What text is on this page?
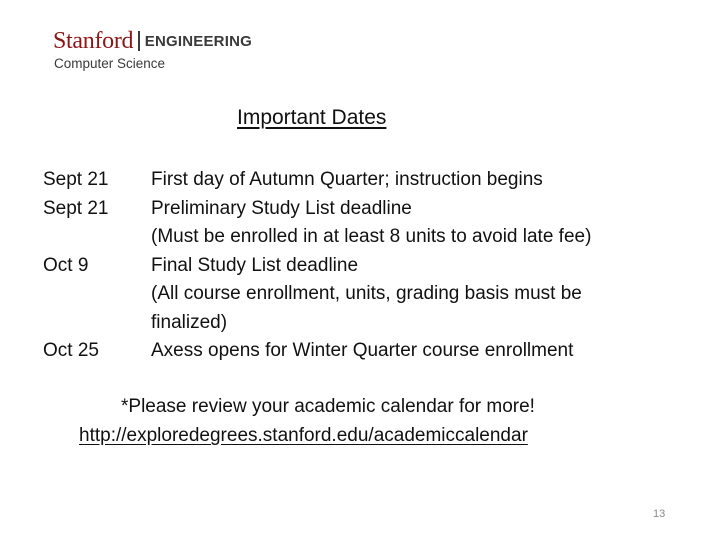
Stanford ENGINEERING
Computer Science
Important Dates
Sept 21 First day of Autumn Quarter; instruction begins
Sept 21 Preliminary Study List deadline
(Must be enrolled in at least 8 units to avoid late fee)
Oct 9	Final Study List deadline
(All course enrollment, units, grading basis must be
finalized)
Oct 25	Axess opens for Winter Quarter course enrollment
*Please review your academic calendar for more!
http://exploredegrees.stanford.edu/academiccalendar
13
